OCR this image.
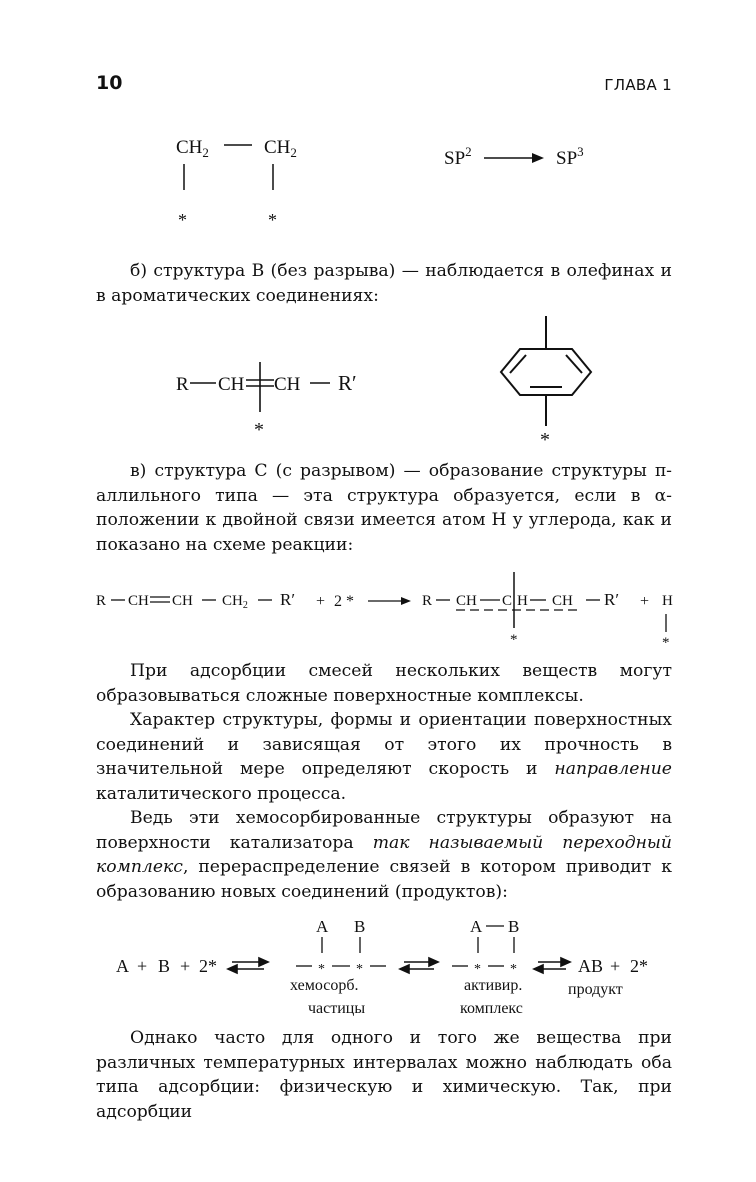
10	ГЛАВА 1
$CH_2$	$CH_2$
*	*
$SP^2$	$SP^3$
R CH CH R′
*	*
R CH CH $CH_2$ R′ + 2 *	R CH C H CH R′ + H
*	*
A + B + 2*
A B
* *
хемосорб.
частицы
A B
* *
активир.
комплекс
AB + 2*
продукт

б) структура В (без разрыва) — наблюдается в олефинах и в ароматических соединениях:

в) структура С (с разрывом) — образование структуры π-аллильного типа — эта структура образуется, если в α-положении к двойной связи имеется атом Н у углерода, как и показано на схеме реакции:

При адсорбции смесей нескольких веществ могут образовываться сложные поверхностные комплексы.

Характер структуры, формы и ориентации поверхностных соединений и зависящая от этого их прочность в значительной мере определяют скорость и направление каталитического процесса.

Ведь эти хемосорбированные структуры образуют на поверхности катализатора так называемый переходный комплекс, перераспределение связей в котором приводит к образованию новых соединений (продуктов):

Однако часто для одного и того же вещества при различных температурных интервалах можно наблюдать оба типа адсорбции: физическую и химическую. Так, при адсорбции
